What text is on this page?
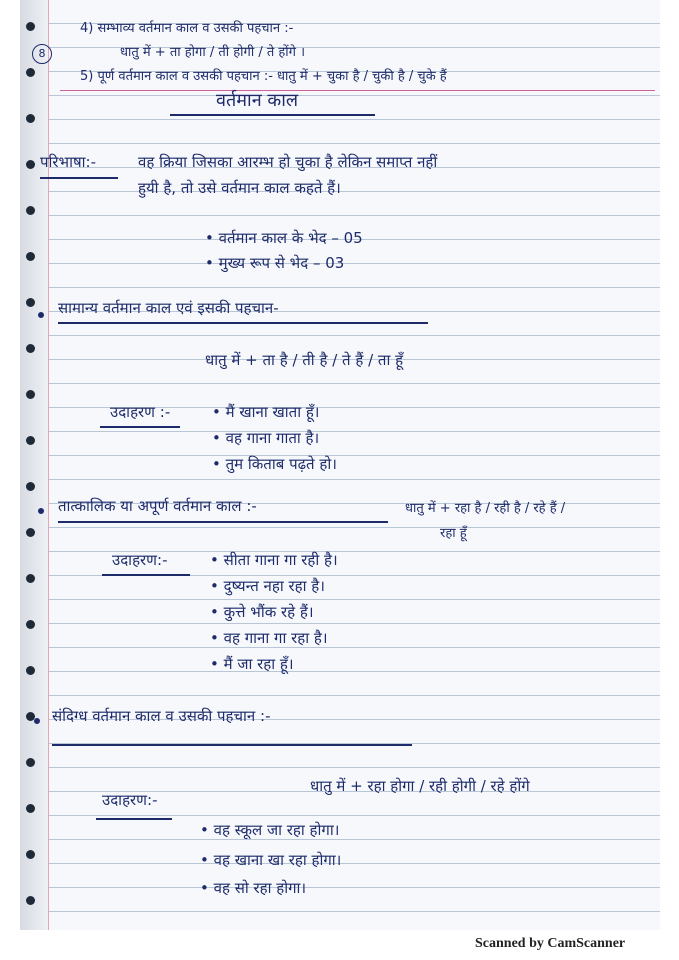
4) सम्भाव्य वर्तमान काल व उसकी पहचान :-
8	धातु में + ता होगा / ती होगी / ते होंगे ।
5) पूर्ण वर्तमान काल व उसकी पहचान :- धातु में + चुका है / चुकी है / चुके हैं
वर्तमान काल
परिभाषा:-	वह क्रिया जिसका आरम्भ हो चुका है लेकिन समाप्त नहीं
हुयी है, तो उसे वर्तमान काल कहते हैं।
• वर्तमान काल के भेद – 05
• मुख्य रूप से भेद – 03
सामान्य वर्तमान काल एवं इसकी पहचान-
धातु में + ता है / ती है / ते हैं / ता हूँ
उदाहरण :-	• मैं खाना खाता हूँ।
• वह गाना गाता है।
• तुम किताब पढ़ते हो।
तात्कालिक या अपूर्ण वर्तमान काल :-	धातु में + रहा है / रही है / रहे हैं /
रहा हूँ
उदाहरण:-	• सीता गाना गा रही है।
• दुष्यन्त नहा रहा है।
• कुत्ते भौंक रहे हैं।
• वह गाना गा रहा है।
• मैं जा रहा हूँ।
संदिग्ध वर्तमान काल व उसकी पहचान :-
धातु में + रहा होगा / रही होगी / रहे होंगे
उदाहरण:-
• वह स्कूल जा रहा होगा।
• वह खाना खा रहा होगा।
• वह सो रहा होगा।
Scanned by CamScanner
